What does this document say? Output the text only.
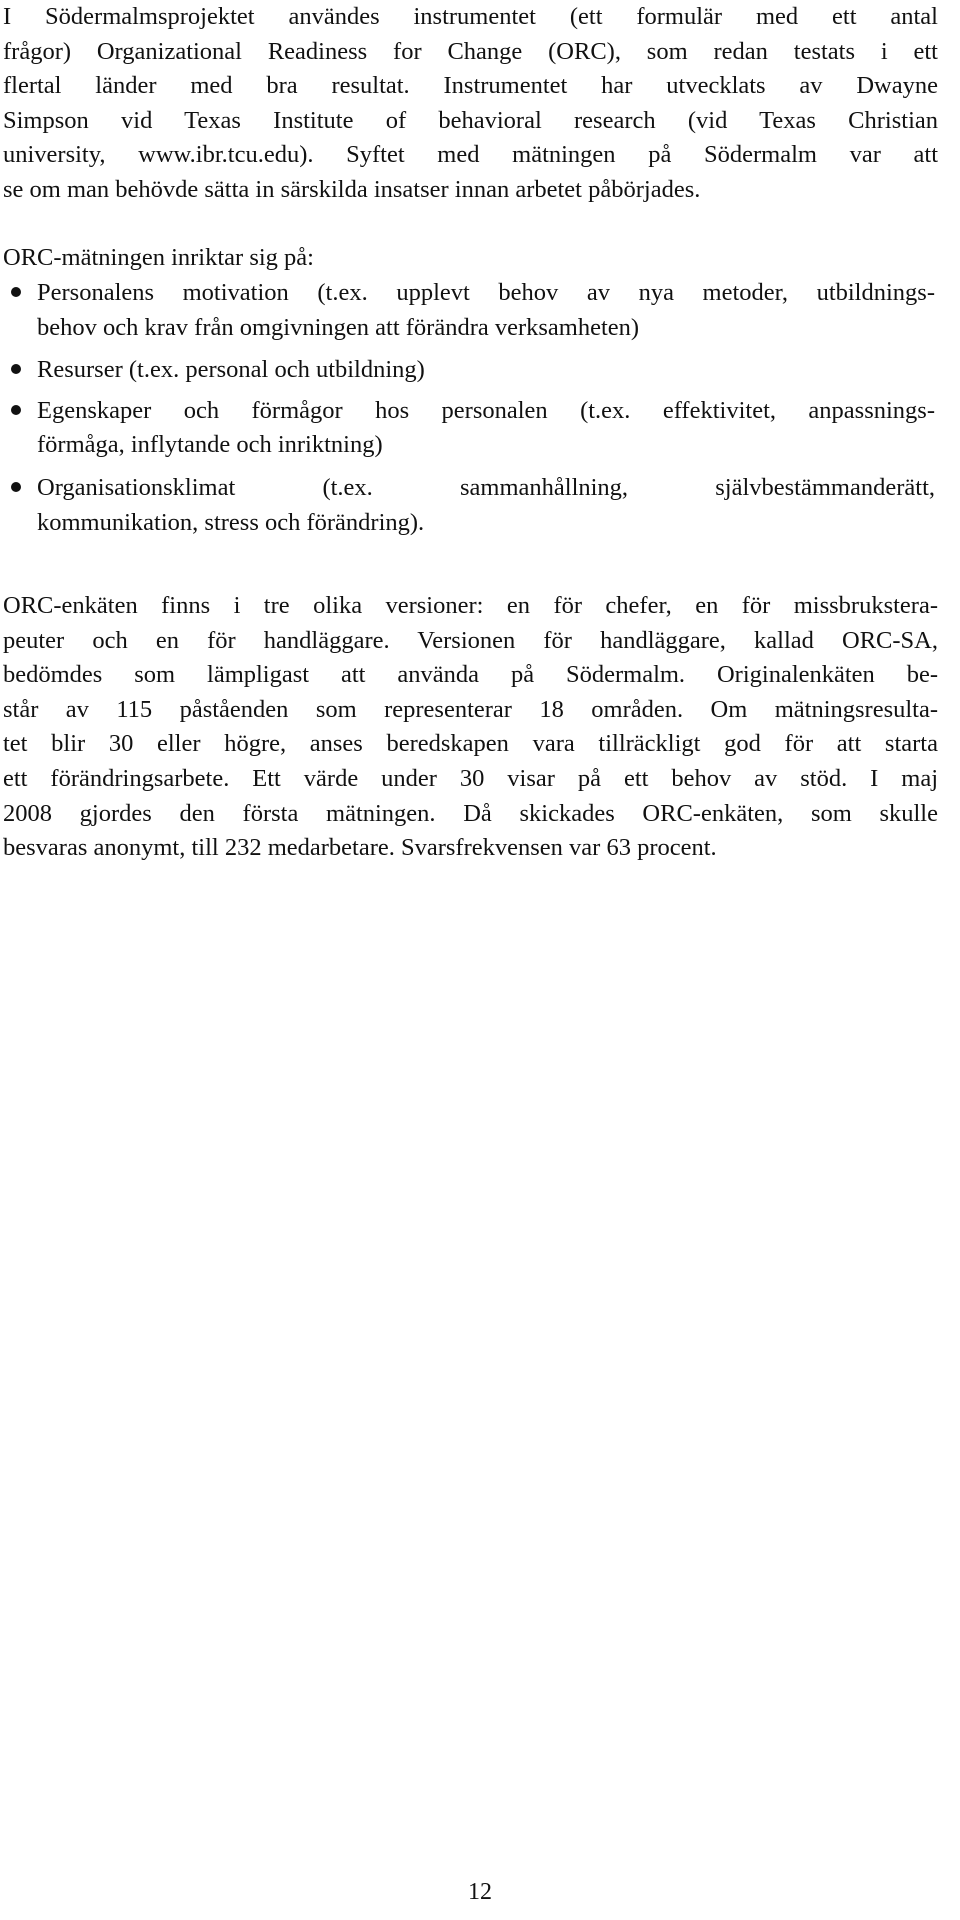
I Södermalmsprojektet användes instrumentet (ett formulär med ett antal
frågor) Organizational Readiness for Change (ORC), som redan testats i ett
flertal länder med bra resultat. Instrumentet har utvecklats av Dwayne
Simpson vid Texas Institute of behavioral research (vid Texas Christian
university, www.ibr.tcu.edu). Syftet med mätningen på Södermalm var att
se om man behövde sätta in särskilda insatser innan arbetet påbörjades.
ORC-mätningen inriktar sig på:
Personalens motivation (t.ex. upplevt behov av nya metoder, utbildnings-
behov och krav från omgivningen att förändra verksamheten)
Resurser (t.ex. personal och utbildning)
Egenskaper och förmågor hos personalen (t.ex. effektivitet, anpassnings-
förmåga, inflytande och inriktning)
Organisationsklimat (t.ex. sammanhållning, självbestämmanderätt,
kommunikation, stress och förändring).
ORC-enkäten finns i tre olika versioner: en för chefer, en för missbrukstera-
peuter och en för handläggare. Versionen för handläggare, kallad ORC-SA,
bedömdes som lämpligast att använda på Södermalm. Originalenkäten be-
står av 115 påståenden som representerar 18 områden. Om mätningsresulta-
tet blir 30 eller högre, anses beredskapen vara tillräckligt god för att starta
ett förändringsarbete. Ett värde under 30 visar på ett behov av stöd. I maj
2008 gjordes den första mätningen. Då skickades ORC-enkäten, som skulle
besvaras anonymt, till 232 medarbetare. Svarsfrekvensen var 63 procent.
12
